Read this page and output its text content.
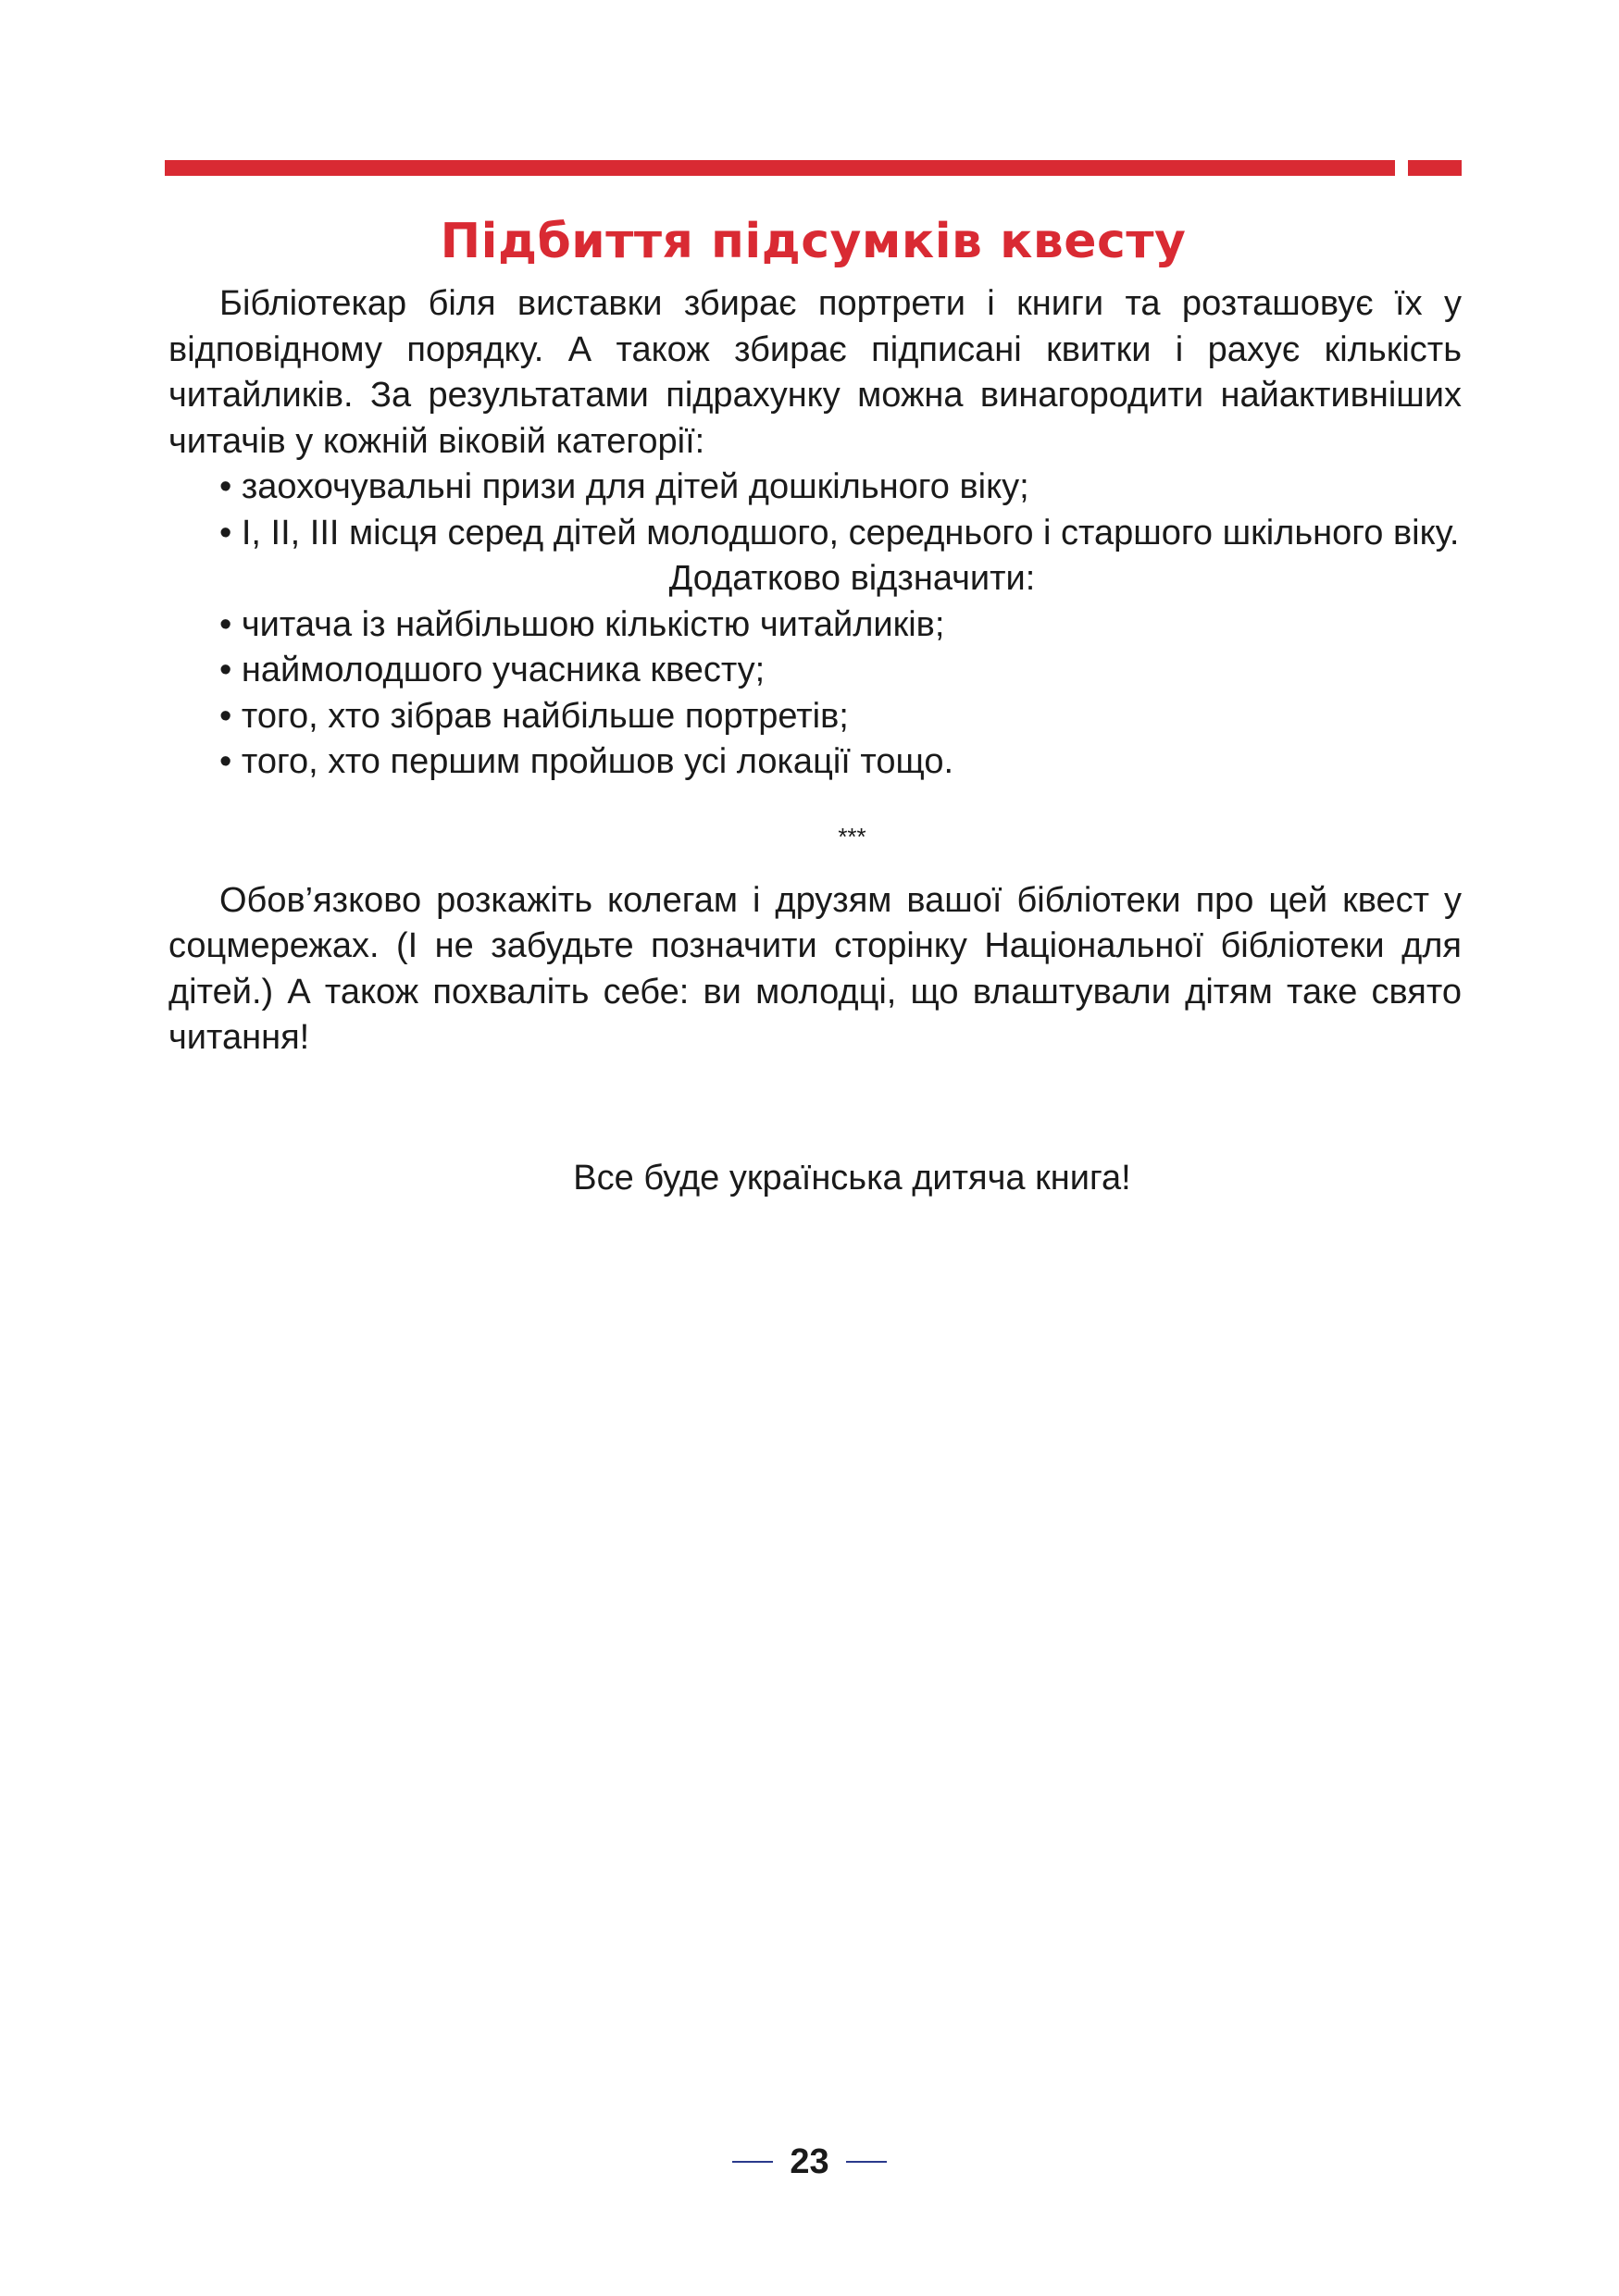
Підбиття підсумків квесту

Бібліотекар біля виставки збирає портрети і книги та розташовує їх у відповідному порядку. А також збирає підписані квитки і рахує кількість читайликів. За результатами підрахунку можна винагородити найактивніших читачів у кожній віковій категорії:

• заохочувальні призи для дітей дошкільного віку;

• І, ІІ, ІІІ місця серед дітей молодшого, середнього і старшого шкільного віку.

Додатково відзначити:

• читача із найбільшою кількістю читайликів;

• наймолодшого учасника квесту;

• того, хто зібрав найбільше портретів;

• того, хто першим пройшов усі локації тощо.

***

Обов’язково розкажіть колегам і друзям вашої бібліотеки про цей квест у соцмережах. (І не забудьте позначити сторінку Національної бібліотеки для дітей.) А також похваліть себе: ви молодці, що влаштували дітям таке свято читання!

Все буде українська дитяча книга!

23
